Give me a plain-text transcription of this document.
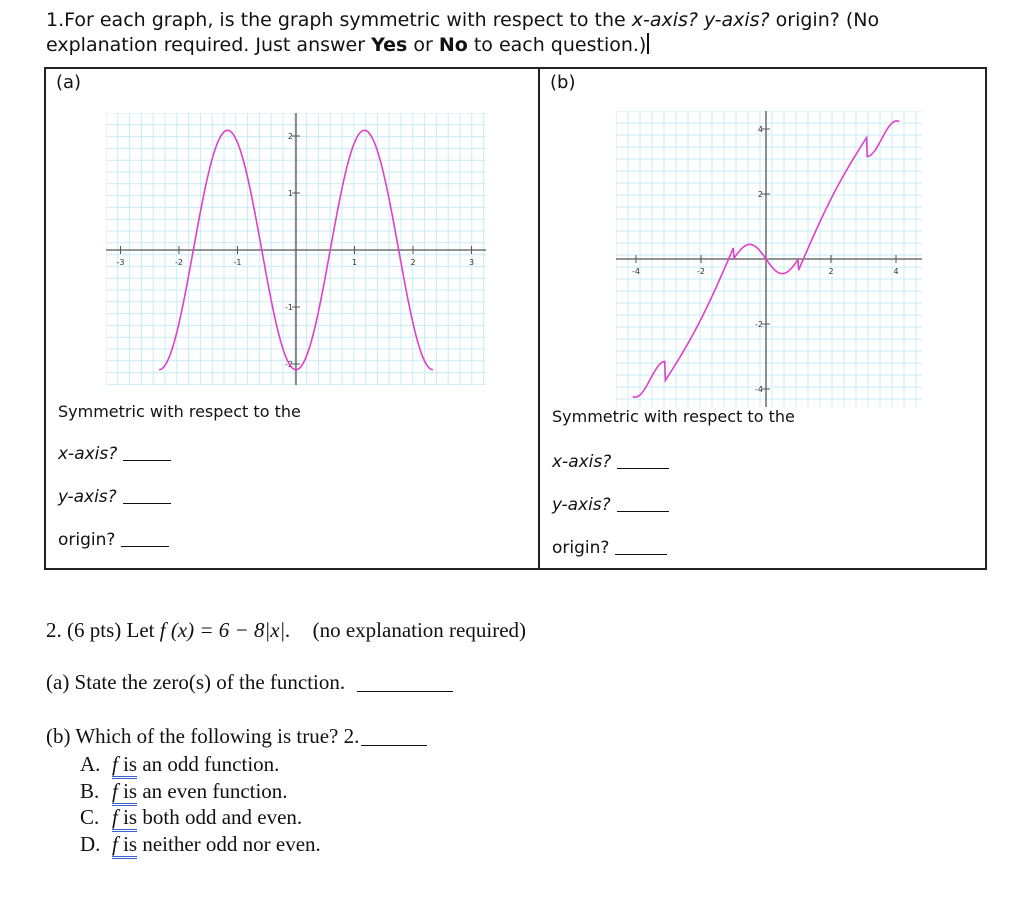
1.For each graph, is the graph symmetric with respect to the x-axis? y-axis? origin? (No
explanation required. Just answer Yes or No to each question.)
(a)
-3	-2	-1	1	2	3
2
1
-1
-2
Symmetric with respect to the
x-axis?
y-axis?
origin?
(b)
-4	-2	2	4
4
2
-2
-4
Symmetric with respect to the
x-axis?
y-axis?
origin?
2. (6 pts) Let f (x) = 6 − 8|x|. (no explanation required)
(a) State the zero(s) of the function.
(b) Which of the following is true? 2.
A. f is an odd function.
B. f is an even function.
C. f is both odd and even.
D. f is neither odd nor even.
